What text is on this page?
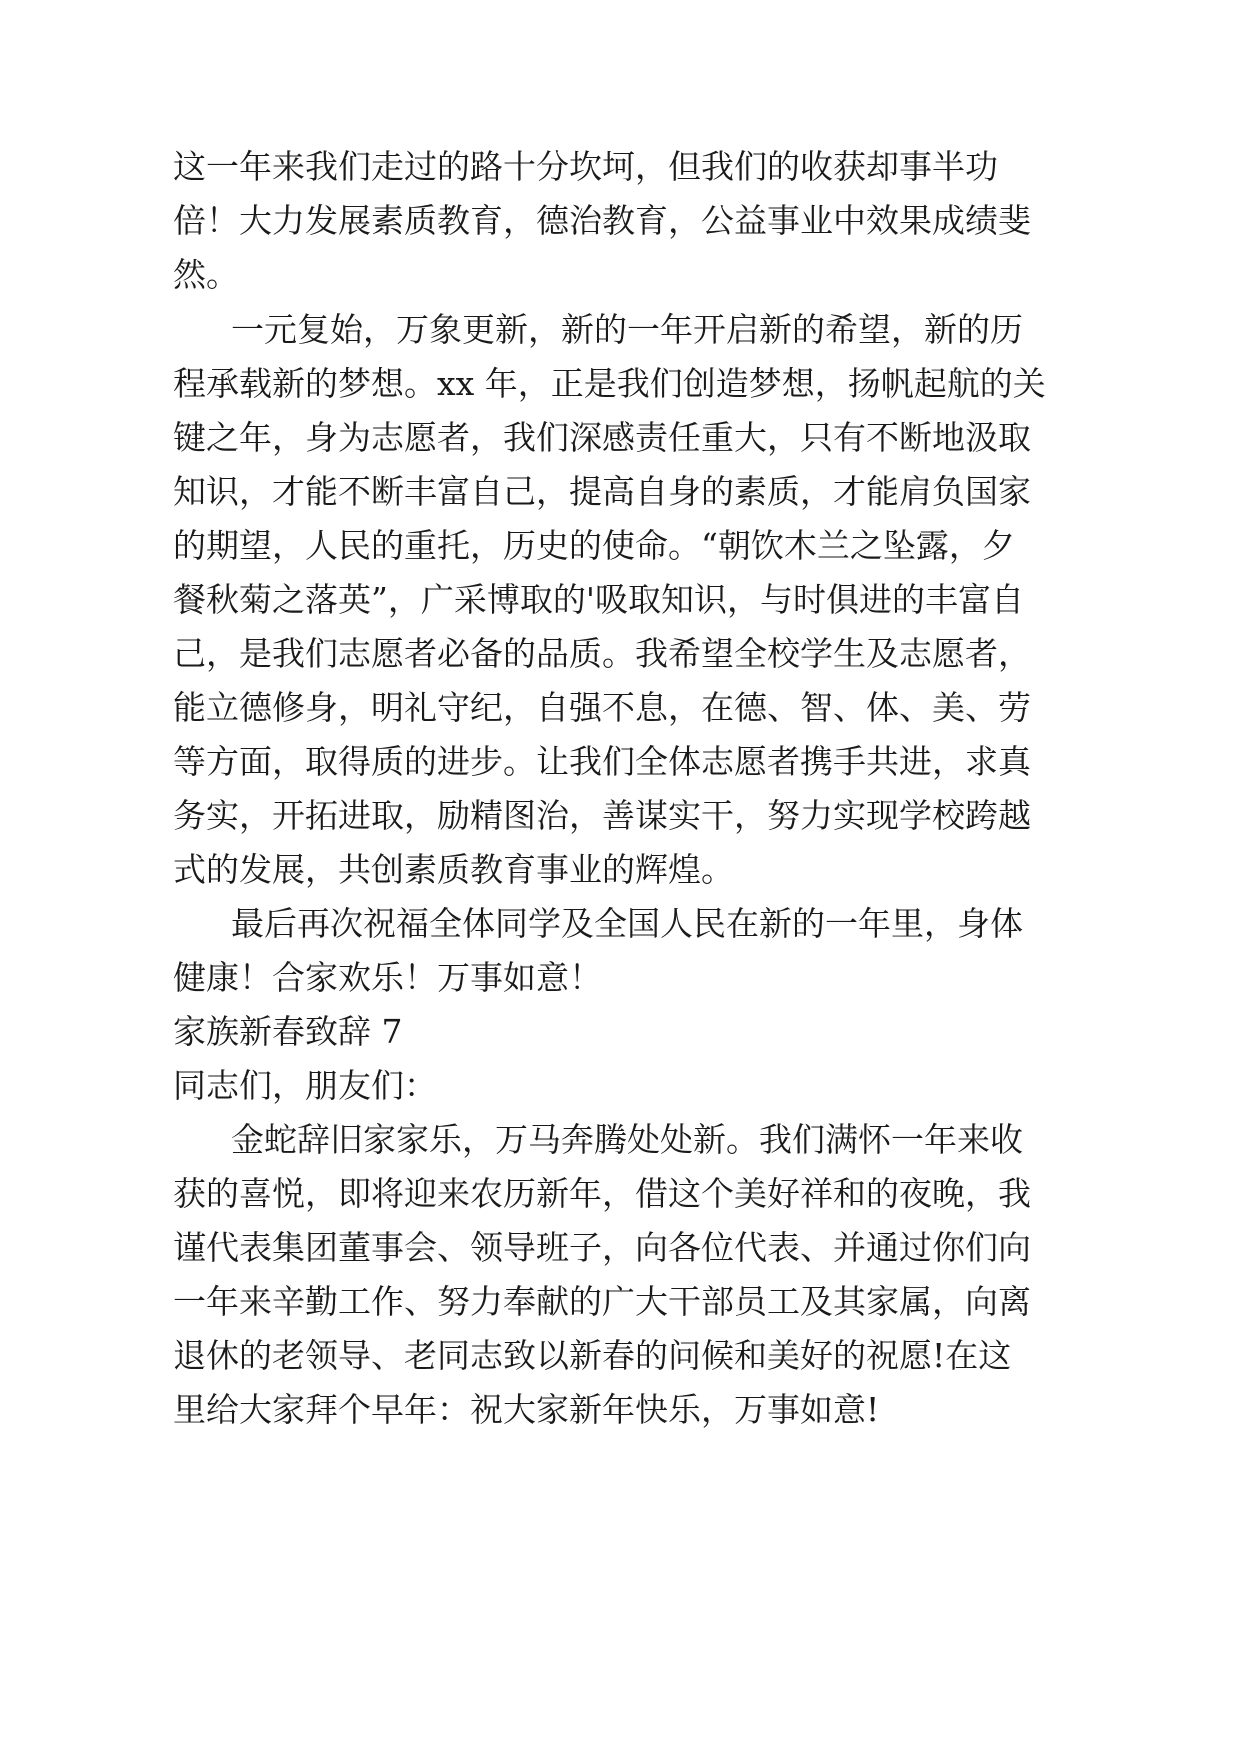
这一年来我们走过的路十分坎坷，但我们的收获却事半功
倍！大力发展素质教育，德治教育，公益事业中效果成绩斐
然。
一元复始，万象更新，新的一年开启新的希望，新的历
程承载新的梦想。xx 年，正是我们创造梦想，扬帆起航的关
键之年，身为志愿者，我们深感责任重大，只有不断地汲取
知识，才能不断丰富自己，提高自身的素质，才能肩负国家
的期望，人民的重托，历史的使命。“朝饮木兰之坠露，夕
餐秋菊之落英”，广采博取的'吸取知识，与时俱进的丰富自
己，是我们志愿者必备的品质。我希望全校学生及志愿者，
能立德修身，明礼守纪，自强不息，在德、智、体、美、劳
等方面，取得质的进步。让我们全体志愿者携手共进，求真
务实，开拓进取，励精图治，善谋实干，努力实现学校跨越
式的发展，共创素质教育事业的辉煌。
最后再次祝福全体同学及全国人民在新的一年里，身体
健康！合家欢乐！万事如意！
家族新春致辞 7
同志们，朋友们：
金蛇辞旧家家乐，万马奔腾处处新。我们满怀一年来收
获的喜悦，即将迎来农历新年，借这个美好祥和的夜晚，我
谨代表集团董事会、领导班子，向各位代表、并通过你们向
一年来辛勤工作、努力奉献的广大干部员工及其家属，向离
退休的老领导、老同志致以新春的问候和美好的祝愿!在这
里给大家拜个早年：祝大家新年快乐，万事如意!
